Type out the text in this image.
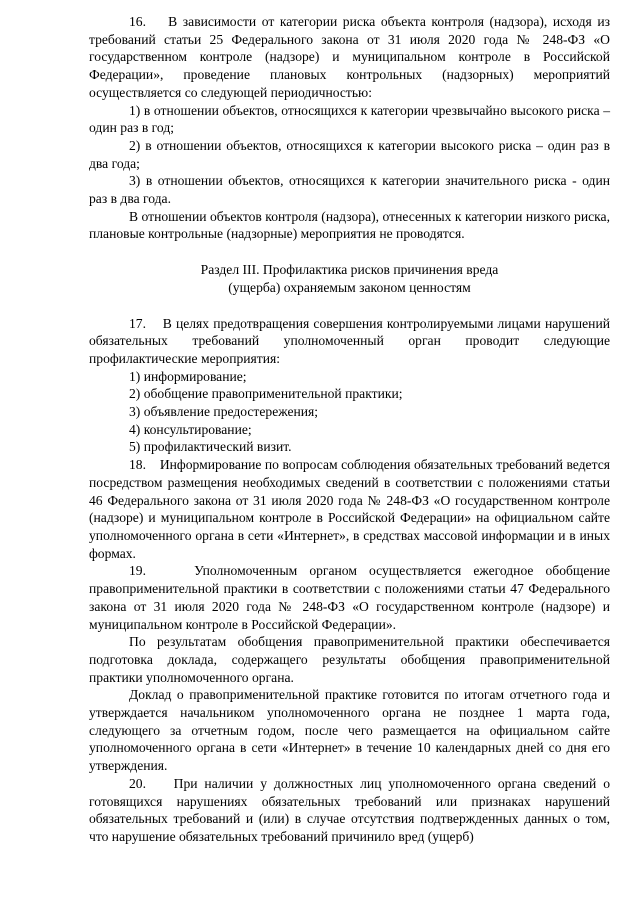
16.    В зависимости от категории риска объекта контроля (надзора), исходя из требований статьи 25 Федерального закона от 31 июля 2020 года № 248-ФЗ «О государственном контроле (надзоре) и муниципальном контроле в Российской Федерации», проведение плановых контрольных (надзорных) мероприятий осуществляется со следующей периодичностью:

1) в отношении объектов, относящихся к категории чрезвычайно высокого риска – один раз в год;

2) в отношении объектов, относящихся к категории высокого риска – один раз в два года;

3) в отношении объектов, относящихся к категории значительного риска - один раз в два года.

В отношении объектов контроля (надзора), отнесенных к категории низкого риска, плановые контрольные (надзорные) мероприятия не проводятся.

Раздел III. Профилактика рисков причинения вреда
(ущерба) охраняемым законом ценностям

17.    В целях предотвращения совершения контролируемыми лицами нарушений обязательных требований уполномоченный орган проводит следующие профилактические мероприятия:

1) информирование;

2) обобщение правоприменительной практики;

3) объявление предостережения;

4) консультирование;

5) профилактический визит.

18.    Информирование по вопросам соблюдения обязательных требований ведется посредством размещения необходимых сведений в соответствии с положениями статьи 46 Федерального закона от 31 июля 2020 года № 248-ФЗ «О государственном контроле (надзоре) и муниципальном контроле в Российской Федерации» на официальном сайте уполномоченного органа в сети «Интернет», в средствах массовой информации и в иных формах.

19.    Уполномоченным органом осуществляется ежегодное обобщение правоприменительной практики в соответствии с положениями статьи 47 Федерального закона от 31 июля 2020 года № 248-ФЗ «О государственном контроле (надзоре) и муниципальном контроле в Российской Федерации».

По результатам обобщения правоприменительной практики обеспечивается подготовка доклада, содержащего результаты обобщения правоприменительной практики уполномоченного органа.

Доклад о правоприменительной практике готовится по итогам отчетного года и утверждается начальником уполномоченного органа не позднее 1 марта года, следующего за отчетным годом, после чего размещается на официальном сайте уполномоченного органа в сети «Интернет» в течение 10 календарных дней со дня его утверждения.

20.    При наличии у должностных лиц уполномоченного органа сведений о готовящихся нарушениях обязательных требований или признаках нарушений обязательных требований и (или) в случае отсутствия подтвержденных данных о том, что нарушение обязательных требований причинило вред (ущерб)
